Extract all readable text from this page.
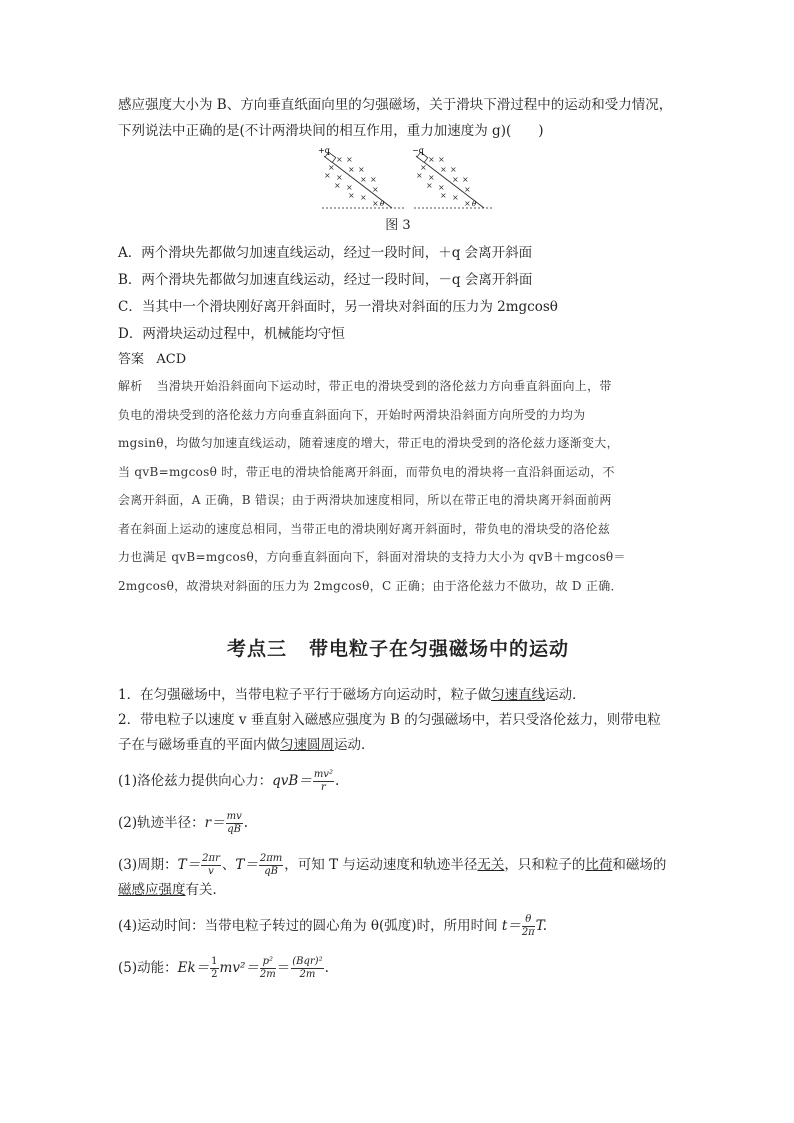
感应强度大小为 B、方向垂直纸面向里的匀强磁场，关于滑块下滑过程中的运动和受力情况，

下列说法中正确的是(不计两滑块间的相互作用，重力加速度为 g)(　　)

+q
θ
× ×
× × ×
× × × ×
× × ×
× ×
×
−q
θ
× ×
× × ×
× × × ×
× × ×
× ×
×

图 3

A．两个滑块先都做匀加速直线运动，经过一段时间，＋q 会离开斜面

B．两个滑块先都做匀加速直线运动，经过一段时间，－q 会离开斜面

C．当其中一个滑块刚好离开斜面时，另一滑块对斜面的压力为 2mgcosθ

D．两滑块运动过程中，机械能均守恒

答案 ACD

解析 当滑块开始沿斜面向下运动时，带正电的滑块受到的洛伦兹力方向垂直斜面向上，带

负电的滑块受到的洛伦兹力方向垂直斜面向下，开始时两滑块沿斜面方向所受的力均为

mgsinθ，均做匀加速直线运动，随着速度的增大，带正电的滑块受到的洛伦兹力逐渐变大，

当 qvB=mgcosθ 时，带正电的滑块恰能离开斜面，而带负电的滑块将一直沿斜面运动，不

会离开斜面，A 正确，B 错误；由于两滑块加速度相同，所以在带正电的滑块离开斜面前两

者在斜面上运动的速度总相同，当带正电的滑块刚好离开斜面时，带负电的滑块受的洛伦兹

力也满足 qvB=mgcosθ，方向垂直斜面向下，斜面对滑块的支持力大小为 qvB＋mgcosθ＝

2mgcosθ，故滑块对斜面的压力为 2mgcosθ，C 正确；由于洛伦兹力不做功，故 D 正确．

考点三 带电粒子在匀强磁场中的运动

1．在匀强磁场中，当带电粒子平行于磁场方向运动时，粒子做匀速直线运动．

2．带电粒子以速度 v 垂直射入磁感应强度为 B 的匀强磁场中，若只受洛伦兹力，则带电粒

子在与磁场垂直的平面内做匀速圆周运动．

(1)洛伦兹力提供向心力：$qvB= \frac{\text{mv²}}{r}$ .

(2)轨迹半径：$r= \frac{mv}{qB}$ .

(3)周期：$T= \frac{2\pi r}{v}$ 、$T= \frac{2\pi m}{qB}$ ，可知 T 与运动速度和轨迹半径无关，只和粒子的比荷和磁场的

磁感应强度有关．

(4)运动时间：当带电粒子转过的圆心角为 θ(弧度)时，所用时间 $t= \frac{\theta}{2\pi} T$.

(5)动能：$Ek= \frac{1}{2} mv^2= \frac{\text{p²}}{2m} = \frac{\text{(Bqr)²}}{2m}$ .
